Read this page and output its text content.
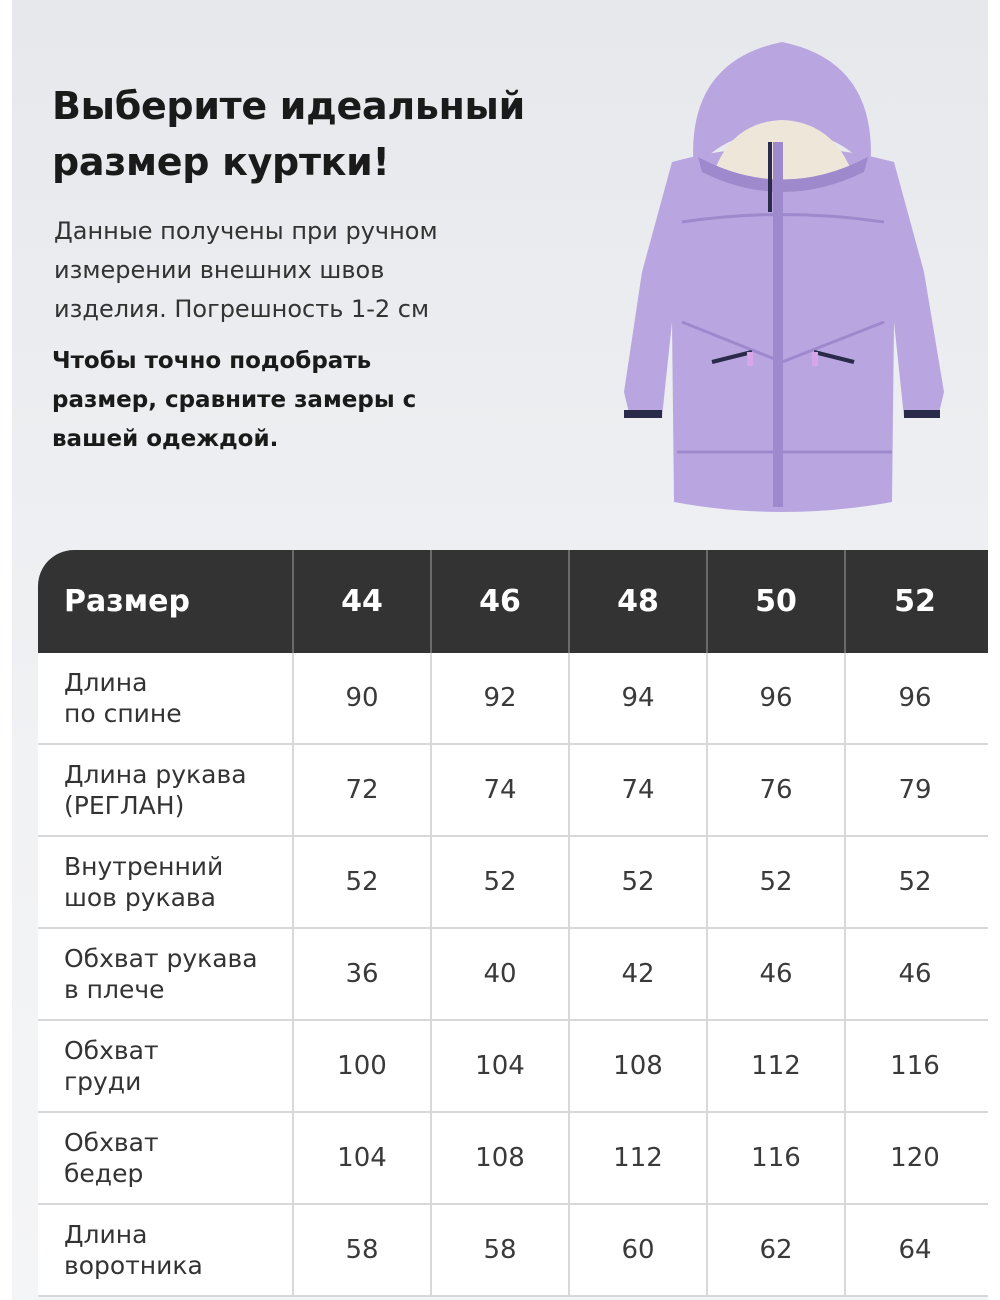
Выберите идеальный размер куртки!
Данные получены при ручном измерении внешних швов изделия. Погрешность 1-2 см
Чтобы точно подобрать размер, сравните замеры с вашей одеждой.
Размер	44	46	48	50	52
Длина
по спине
90	92	94	96	96
Длина рукава
(РЕГЛАН)
72	74	74	76	79
Внутренний
шов рукава
52	52	52	52	52
Обхват рукава
в плече
36	40	42	46	46
Обхват
груди
100	104	108	112	116
Обхват
бедер
104	108	112	116	120
Длина
воротника
58	58	60	62	64
